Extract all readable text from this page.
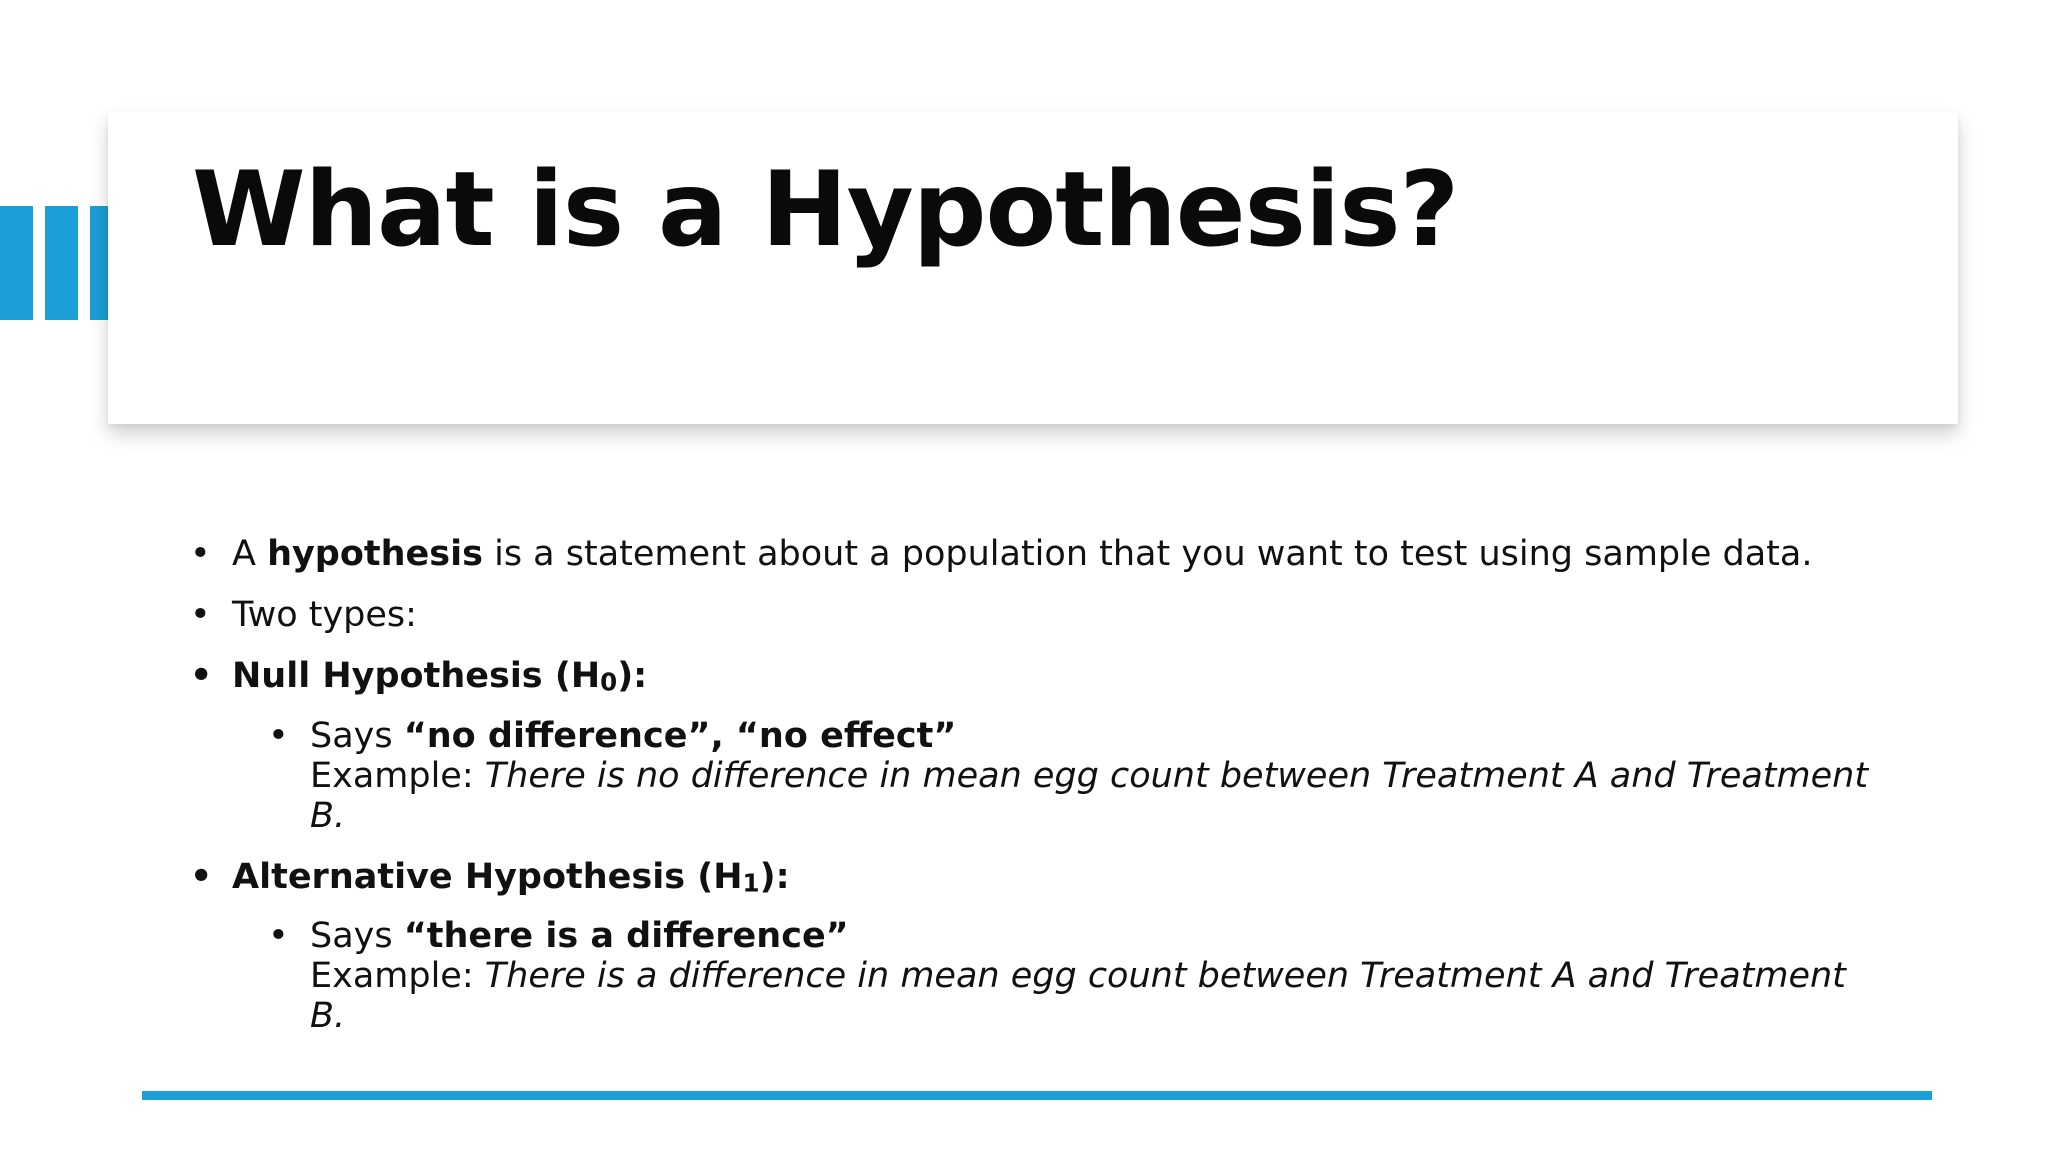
What is a Hypothesis?
• A hypothesis is a statement about a population that you want to test using sample data.
• Two types:
• Null Hypothesis (H0):
• Says “no difference”, “no effect”
Example: There is no difference in mean egg count between Treatment A and Treatment B.
• Alternative Hypothesis (H1):
• Says “there is a difference”
Example: There is a difference in mean egg count between Treatment A and Treatment B.
